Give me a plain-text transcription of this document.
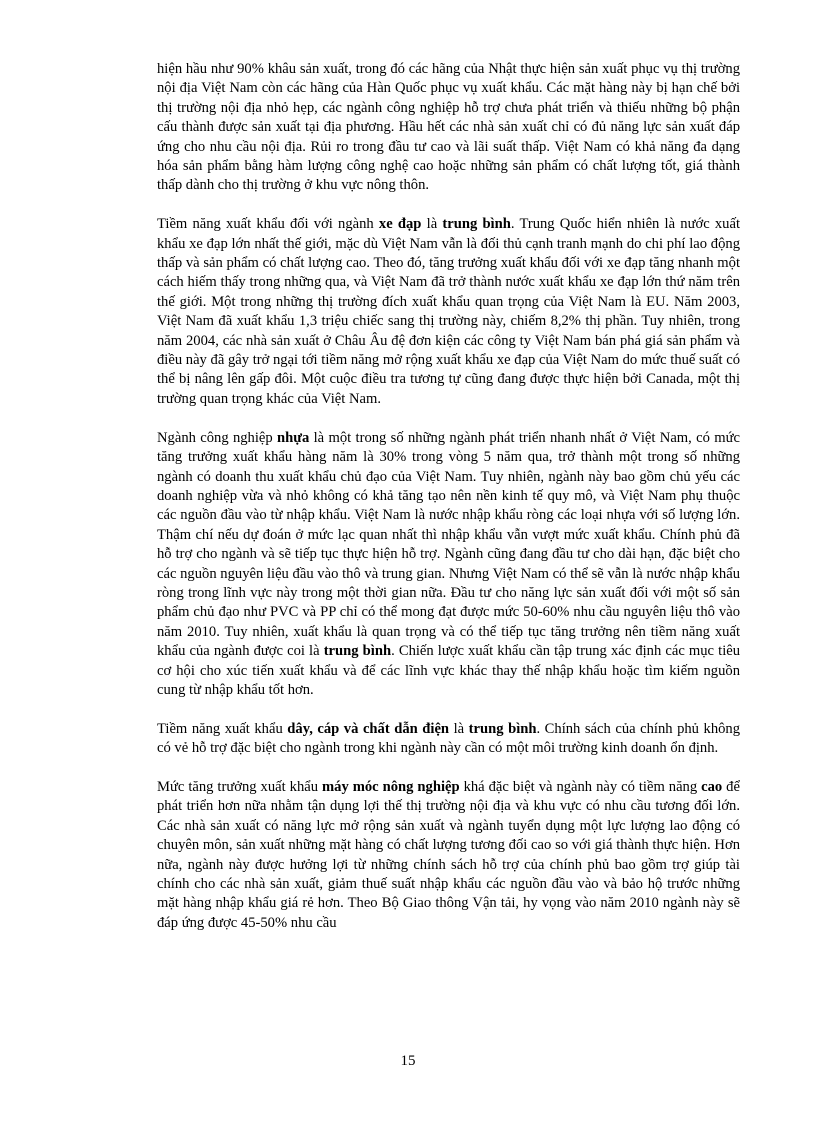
hiện hầu như 90% khâu sản xuất, trong đó các hãng của Nhật thực hiện sản xuất phục vụ thị trường nội địa Việt Nam còn các hãng của Hàn Quốc phục vụ xuất khẩu. Các mặt hàng này bị hạn chế bởi thị trường nội địa nhỏ hẹp, các ngành công nghiệp hỗ trợ chưa phát triển và thiếu những bộ phận cấu thành được sản xuất tại địa phương. Hầu hết các nhà sản xuất chỉ có đủ năng lực sản xuất đáp ứng cho nhu cầu nội địa. Rủi ro trong đầu tư cao và lãi suất thấp. Việt Nam có khả năng đa dạng hóa sản phẩm bằng hàm lượng công nghệ cao hoặc những sản phẩm có chất lượng tốt, giá thành thấp dành cho thị trường ở khu vực nông thôn.

Tiềm năng xuất khẩu đối với ngành xe đạp là trung bình. Trung Quốc hiển nhiên là nước xuất khẩu xe đạp lớn nhất thế giới, mặc dù Việt Nam vẫn là đối thủ cạnh tranh mạnh do chi phí lao động thấp và sản phẩm có chất lượng cao. Theo đó, tăng trưởng xuất khẩu đối với xe đạp tăng nhanh một cách hiếm thấy trong những qua, và Việt Nam đã trở thành nước xuất khẩu xe đạp lớn thứ năm trên thế giới. Một trong những thị trường đích xuất khẩu quan trọng của Việt Nam là EU. Năm 2003, Việt Nam đã xuất khẩu 1,3 triệu chiếc sang thị trường này, chiếm 8,2% thị phần. Tuy nhiên, trong năm 2004, các nhà sản xuất ở Châu Âu đệ đơn kiện các công ty Việt Nam bán phá giá sản phẩm và điều này đã gây trở ngại tới tiềm năng mở rộng xuất khẩu xe đạp của Việt Nam do mức thuế suất có thể bị nâng lên gấp đôi. Một cuộc điều tra tương tự cũng đang được thực hiện bởi Canada, một thị trường quan trọng khác của Việt Nam.

Ngành công nghiệp nhựa là một trong số những ngành phát triển nhanh nhất ở Việt Nam, có mức tăng trưởng xuất khẩu hàng năm là 30% trong vòng 5 năm qua, trở thành một trong số những ngành có doanh thu xuất khẩu chủ đạo của Việt Nam. Tuy nhiên, ngành này bao gồm chủ yếu các doanh nghiệp vừa và nhỏ không có khả tăng tạo nên nền kinh tế quy mô, và Việt Nam phụ thuộc các nguồn đầu vào từ nhập khẩu. Việt Nam là nước nhập khẩu ròng các loại nhựa với số lượng lớn. Thậm chí nếu dự đoán ở mức lạc quan nhất thì nhập khẩu vẫn vượt mức xuất khẩu. Chính phủ đã hỗ trợ cho ngành và sẽ tiếp tục thực hiện hỗ trợ. Ngành cũng đang đầu tư cho dài hạn, đặc biệt cho các nguồn nguyên liệu đầu vào thô và trung gian. Nhưng Việt Nam có thể sẽ vẫn là nước nhập khẩu ròng trong lĩnh vực này trong một thời gian nữa. Đầu tư cho năng lực sản xuất đối với một số sản phẩm chủ đạo như PVC và PP chỉ có thể mong đạt được mức 50-60% nhu cầu nguyên liệu thô vào năm 2010. Tuy nhiên, xuất khẩu là quan trọng và có thể tiếp tục tăng trưởng nên tiềm năng xuất khẩu của ngành được coi là trung bình. Chiến lược xuất khẩu cần tập trung xác định các mục tiêu cơ hội cho xúc tiến xuất khẩu và để các lĩnh vực khác thay thế nhập khẩu hoặc tìm kiếm nguồn cung từ nhập khẩu tốt hơn.

Tiềm năng xuất khẩu dây, cáp và chất dẫn điện là trung bình. Chính sách của chính phủ không có vẻ hỗ trợ đặc biệt cho ngành trong khi ngành này cần có một môi trường kinh doanh ổn định.

Mức tăng trưởng xuất khẩu máy móc nông nghiệp khá đặc biệt và ngành này có tiềm năng cao để phát triển hơn nữa nhằm tận dụng lợi thế thị trường nội địa và khu vực có nhu cầu tương đối lớn. Các nhà sản xuất có năng lực mở rộng sản xuất và ngành tuyển dụng một lực lượng lao động có chuyên môn, sản xuất những mặt hàng có chất lượng tương đối cao so với giá thành thực hiện. Hơn nữa, ngành này được hưởng lợi từ những chính sách hỗ trợ của chính phủ bao gồm trợ giúp tài chính cho các nhà sản xuất, giảm thuế suất nhập khẩu các nguồn đầu vào và bảo hộ trước những mặt hàng nhập khẩu giá rẻ hơn. Theo Bộ Giao thông Vận tải, hy vọng vào năm 2010 ngành này sẽ đáp ứng được 45-50% nhu cầu

15
